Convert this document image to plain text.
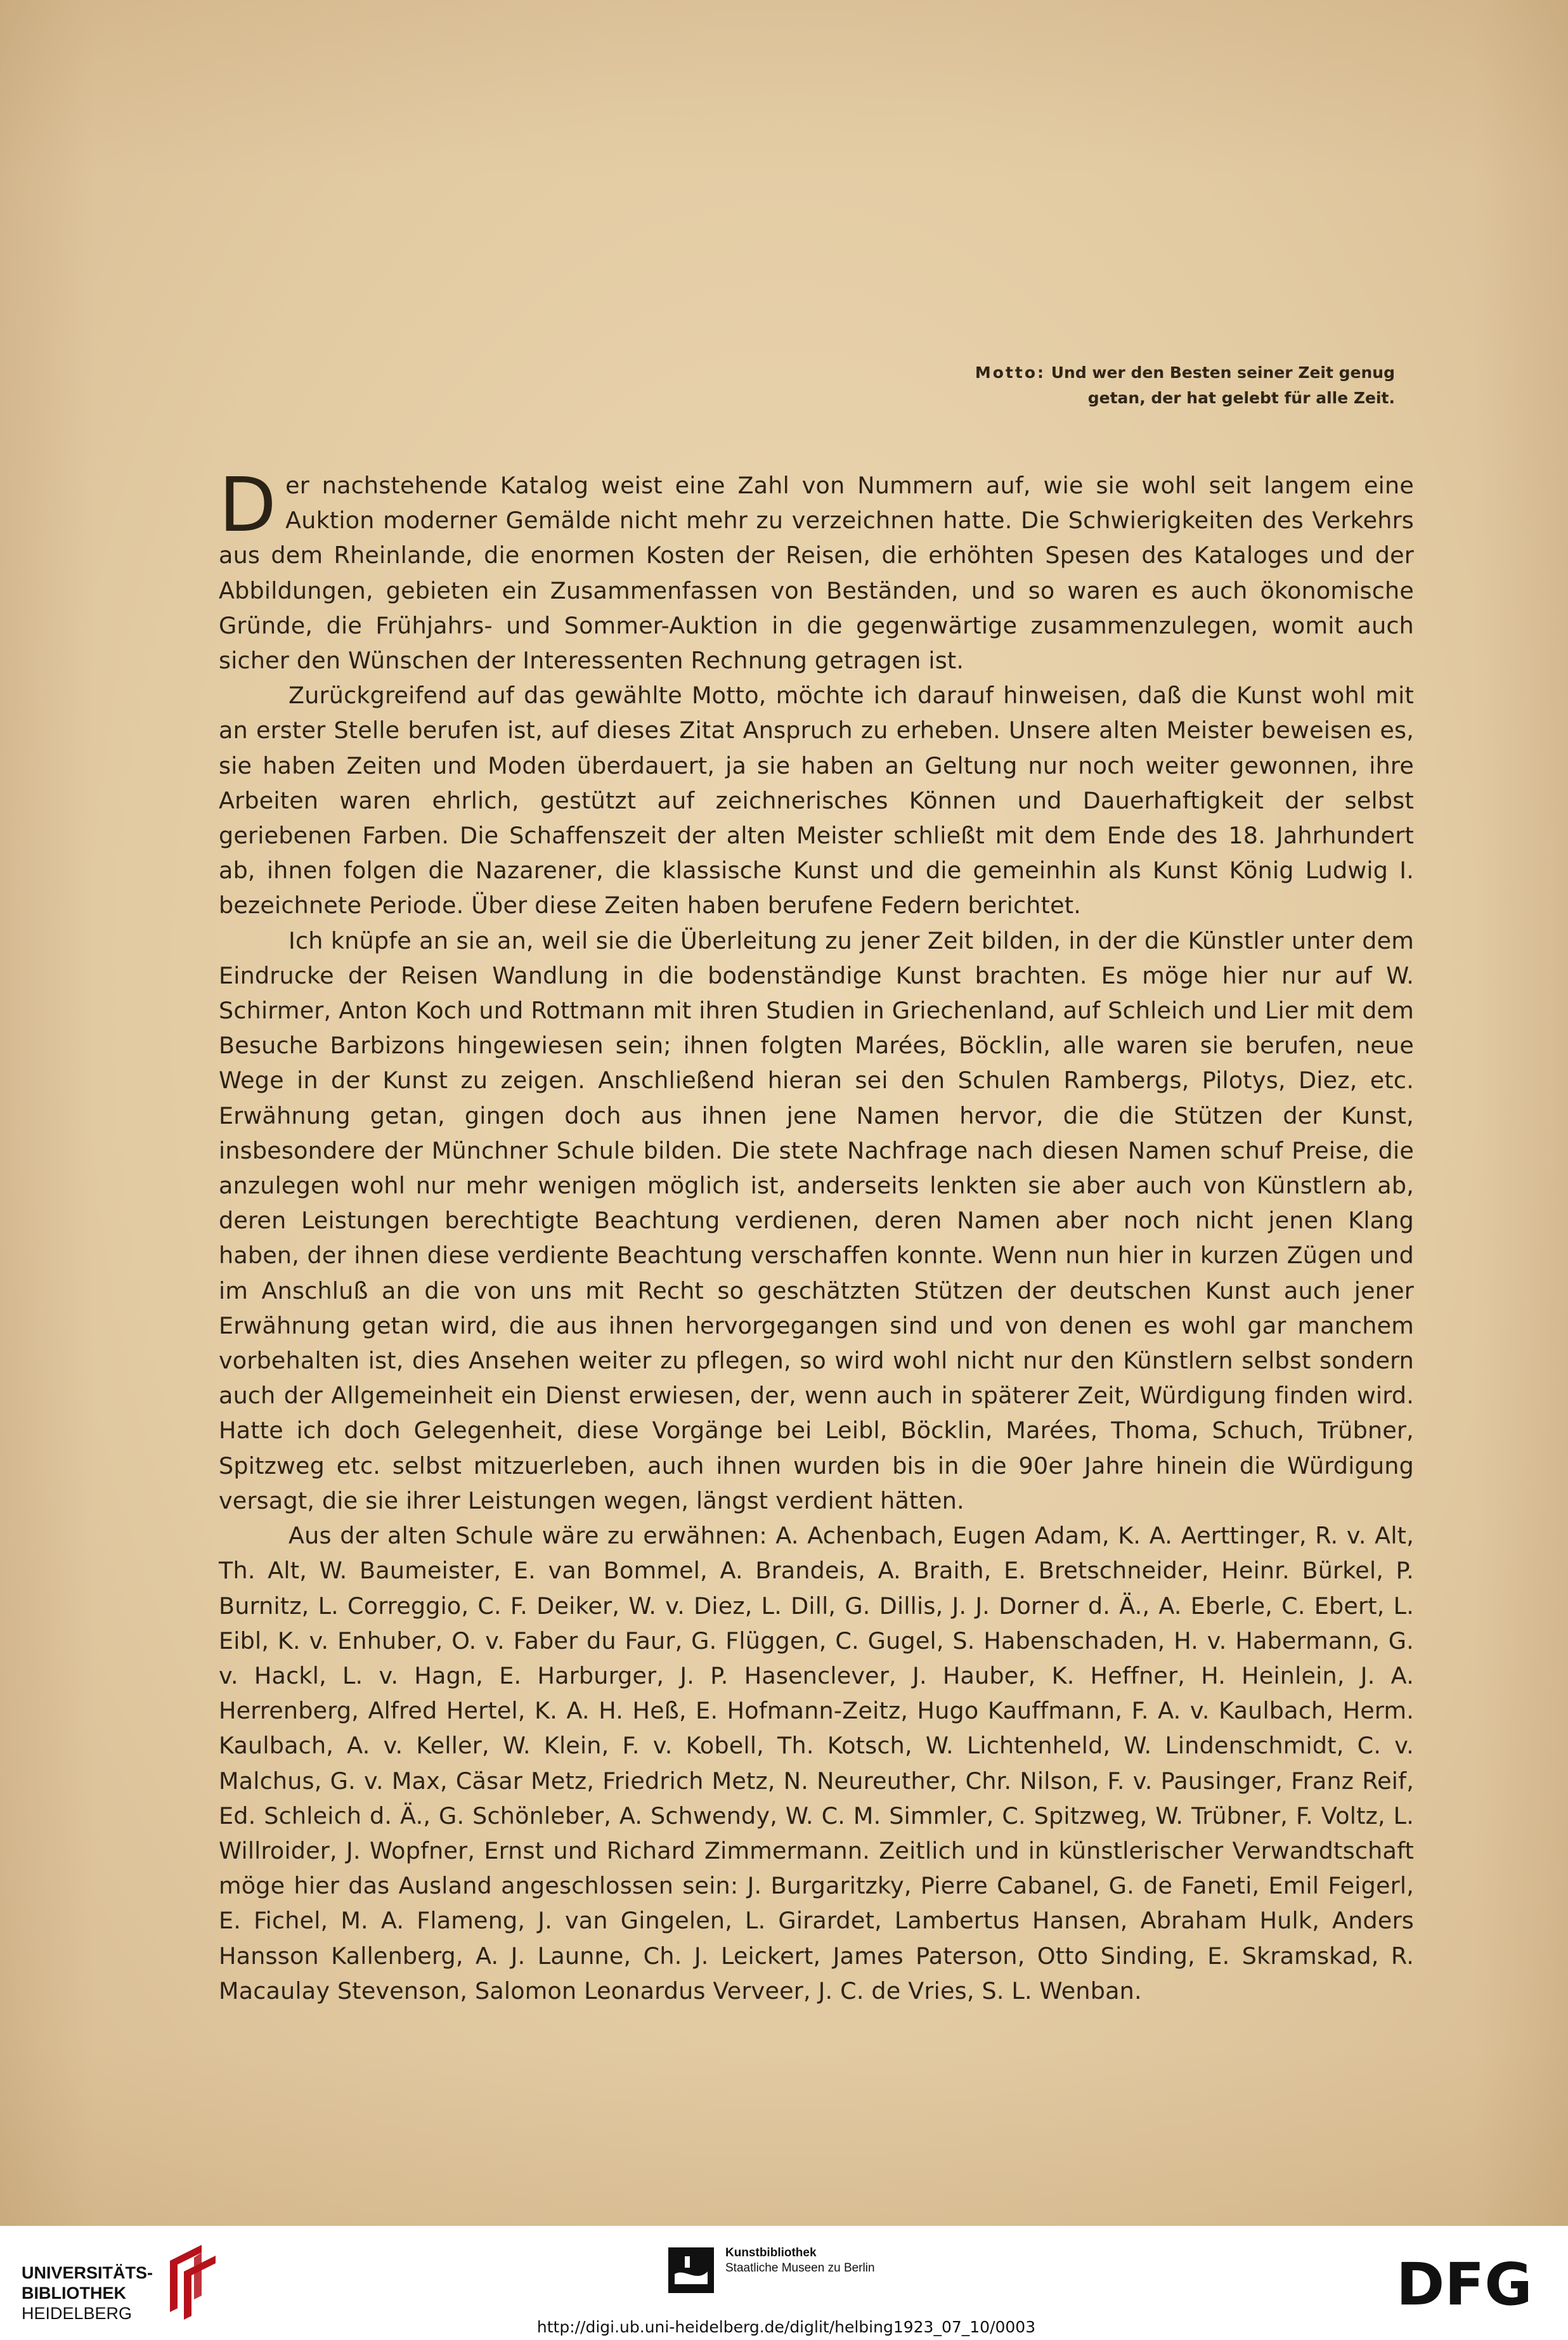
Motto: Und wer den Besten seiner Zeit genug
getan, der hat gelebt für alle Zeit.

Der nachstehende Katalog weist eine Zahl von Nummern auf, wie sie wohl seit langem eine Auktion moderner Gemälde nicht mehr zu verzeichnen hatte. Die Schwierigkeiten des Verkehrs aus dem Rheinlande, die enormen Kosten der Reisen, die erhöhten Spesen des Kataloges und der Abbildungen, gebieten ein Zusammenfassen von Beständen, und so waren es auch ökonomische Gründe, die Frühjahrs- und Sommer-Auktion in die gegenwärtige zusammenzulegen, womit auch sicher den Wünschen der Interessenten Rechnung getragen ist.

Zurückgreifend auf das gewählte Motto, möchte ich darauf hinweisen, daß die Kunst wohl mit an erster Stelle berufen ist, auf dieses Zitat Anspruch zu erheben. Unsere alten Meister beweisen es, sie haben Zeiten und Moden überdauert, ja sie haben an Geltung nur noch weiter gewonnen, ihre Arbeiten waren ehrlich, gestützt auf zeichnerisches Können und Dauerhaftigkeit der selbst geriebenen Farben. Die Schaffenszeit der alten Meister schließt mit dem Ende des 18. Jahrhundert ab, ihnen folgen die Nazarener, die klassische Kunst und die gemeinhin als Kunst König Ludwig I. bezeichnete Periode. Über diese Zeiten haben berufene Federn berichtet.

Ich knüpfe an sie an, weil sie die Überleitung zu jener Zeit bilden, in der die Künstler unter dem Eindrucke der Reisen Wandlung in die bodenständige Kunst brachten. Es möge hier nur auf W. Schirmer, Anton Koch und Rottmann mit ihren Studien in Griechenland, auf Schleich und Lier mit dem Besuche Barbizons hingewiesen sein; ihnen folgten Marées, Böcklin, alle waren sie berufen, neue Wege in der Kunst zu zeigen. Anschließend hieran sei den Schulen Rambergs, Pilotys, Diez, etc. Erwähnung getan, gingen doch aus ihnen jene Namen hervor, die die Stützen der Kunst, insbesondere der Münchner Schule bilden. Die stete Nachfrage nach diesen Namen schuf Preise, die anzulegen wohl nur mehr wenigen möglich ist, anderseits lenkten sie aber auch von Künstlern ab, deren Leistungen berechtigte Beachtung verdienen, deren Namen aber noch nicht jenen Klang haben, der ihnen diese verdiente Beachtung verschaffen konnte. Wenn nun hier in kurzen Zügen und im Anschluß an die von uns mit Recht so geschätzten Stützen der deutschen Kunst auch jener Erwähnung getan wird, die aus ihnen hervorgegangen sind und von denen es wohl gar manchem vorbehalten ist, dies Ansehen weiter zu pflegen, so wird wohl nicht nur den Künstlern selbst sondern auch der Allgemeinheit ein Dienst erwiesen, der, wenn auch in späterer Zeit, Würdigung finden wird. Hatte ich doch Gelegenheit, diese Vorgänge bei Leibl, Böcklin, Marées, Thoma, Schuch, Trübner, Spitzweg etc. selbst mitzuerleben, auch ihnen wurden bis in die 90er Jahre hinein die Würdigung versagt, die sie ihrer Leistungen wegen, längst verdient hätten.

Aus der alten Schule wäre zu erwähnen: A. Achenbach, Eugen Adam, K. A. Aerttinger, R. v. Alt, Th. Alt, W. Baumeister, E. van Bommel, A. Brandeis, A. Braith, E. Bretschneider, Heinr. Bürkel, P. Burnitz, L. Correggio, C. F. Deiker, W. v. Diez, L. Dill, G. Dillis, J. J. Dorner d. Ä., A. Eberle, C. Ebert, L. Eibl, K. v. Enhuber, O. v. Faber du Faur, G. Flüggen, C. Gugel, S. Habenschaden, H. v. Habermann, G. v. Hackl, L. v. Hagn, E. Harburger, J. P. Hasenclever, J. Hauber, K. Heffner, H. Heinlein, J. A. Herrenberg, Alfred Hertel, K. A. H. Heß, E. Hofmann-Zeitz, Hugo Kauffmann, F. A. v. Kaulbach, Herm. Kaulbach, A. v. Keller, W. Klein, F. v. Kobell, Th. Kotsch, W. Lichtenheld, W. Lindenschmidt, C. v. Malchus, G. v. Max, Cäsar Metz, Friedrich Metz, N. Neureuther, Chr. Nilson, F. v. Pausinger, Franz Reif, Ed. Schleich d. Ä., G. Schönleber, A. Schwendy, W. C. M. Simmler, C. Spitzweg, W. Trübner, F. Voltz, L. Willroider, J. Wopfner, Ernst und Richard Zimmermann. Zeitlich und in künstlerischer Verwandtschaft möge hier das Ausland angeschlossen sein: J. Burgaritzky, Pierre Cabanel, G. de Faneti, Emil Feigerl, E. Fichel, M. A. Flameng, J. van Gingelen, L. Girardet, Lambertus Hansen, Abraham Hulk, Anders Hansson Kallenberg, A. J. Launne, Ch. J. Leickert, James Paterson, Otto Sinding, E. Skramskad, R. Macaulay Stevenson, Salomon Leonardus Verveer, J. C. de Vries, S. L. Wenban.

UNIVERSITÄTS-
BIBLIOTHEK
HEIDELBERG
Kunstbibliothek
Staatliche Museen zu Berlin	DFG
http://digi.ub.uni-heidelberg.de/diglit/helbing1923_07_10/0003
